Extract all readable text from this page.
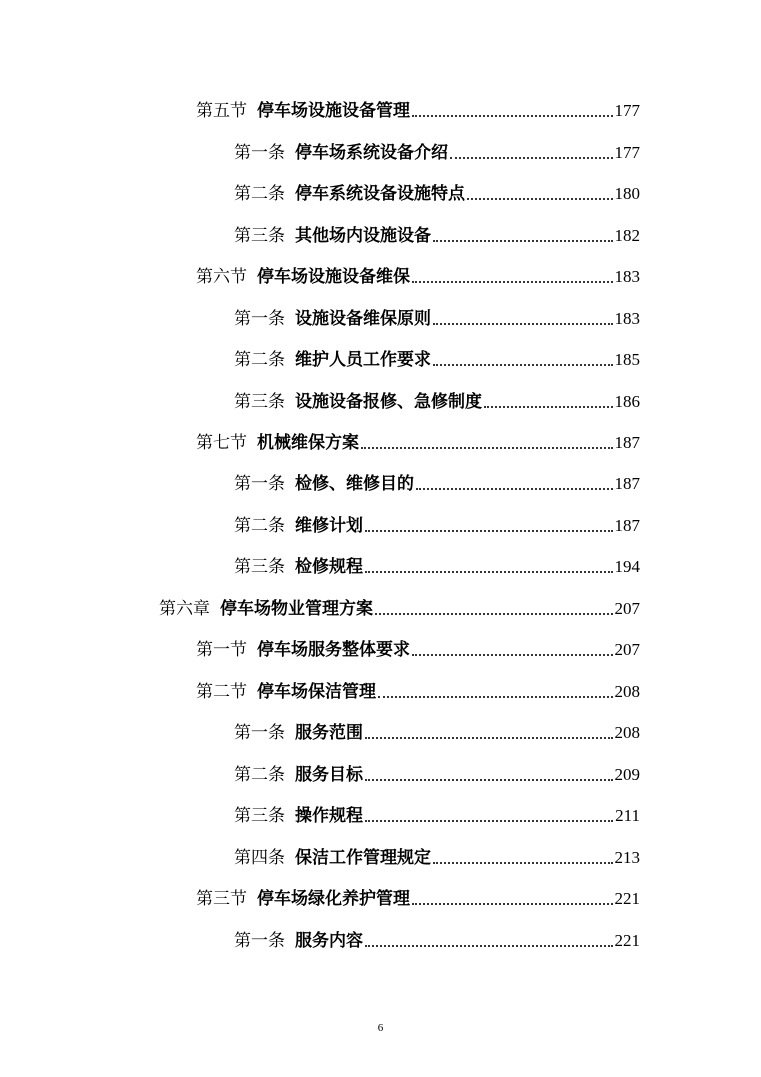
第五节 停车场设施设备管理	177
第一条 停车场系统设备介绍	177
第二条 停车系统设备设施特点	180
第三条 其他场内设施设备	182
第六节 停车场设施设备维保	183
第一条 设施设备维保原则	183
第二条 维护人员工作要求	185
第三条 设施设备报修、急修制度	186
第七节 机械维保方案	187
第一条 检修、维修目的	187
第二条 维修计划	187
第三条 检修规程	194
第六章 停车场物业管理方案	207
第一节 停车场服务整体要求	207
第二节 停车场保洁管理	208
第一条 服务范围	208
第二条 服务目标	209
第三条 操作规程	211
第四条 保洁工作管理规定	213
第三节 停车场绿化养护管理	221
第一条 服务内容	221
6
